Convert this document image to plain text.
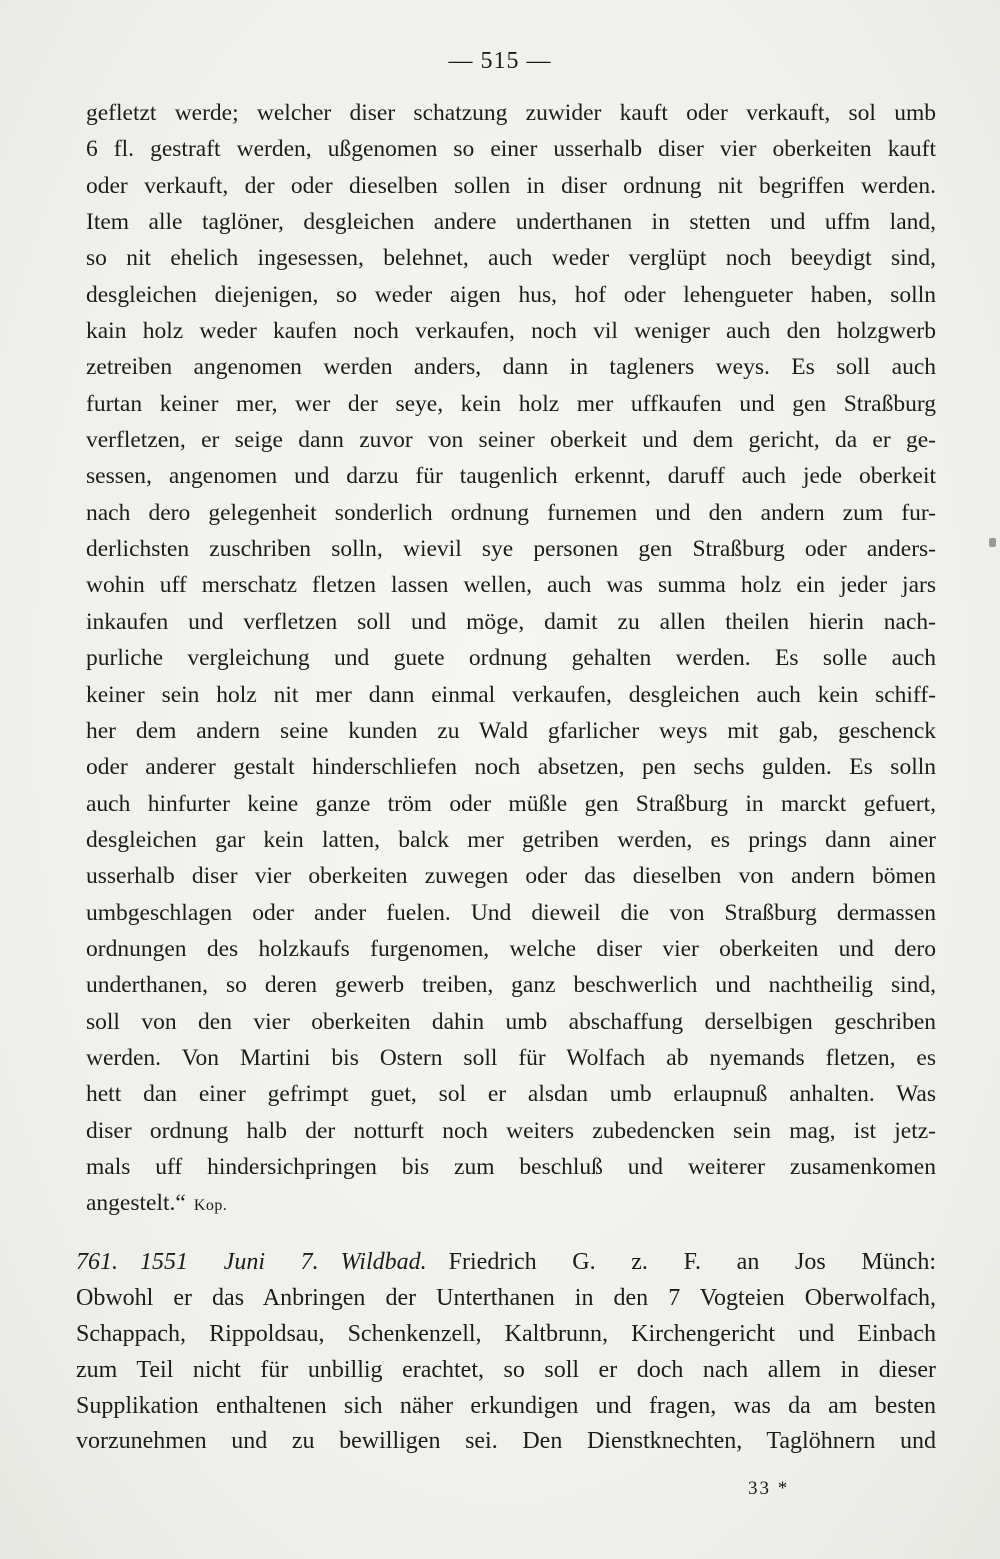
— 515 —
gefletzt werde; welcher diser schatzung zuwider kauft oder verkauft, sol umb
6 fl. gestraft werden, ußgenomen so einer usserhalb diser vier oberkeiten kauft
oder verkauft, der oder dieselben sollen in diser ordnung nit begriffen werden.
Item alle taglöner, desgleichen andere underthanen in stetten und uffm land,
so nit ehelich ingesessen, belehnet, auch weder verglüpt noch beeydigt sind,
desgleichen diejenigen, so weder aigen hus, hof oder lehengueter haben, solln
kain holz weder kaufen noch verkaufen, noch vil weniger auch den holzgwerb
zetreiben angenomen werden anders, dann in tagleners weys. Es soll auch
furtan keiner mer, wer der seye, kein holz mer uffkaufen und gen Straßburg
verfletzen, er seige dann zuvor von seiner oberkeit und dem gericht, da er ge-
sessen, angenomen und darzu für taugenlich erkennt, daruff auch jede oberkeit
nach dero gelegenheit sonderlich ordnung furnemen und den andern zum fur-
derlichsten zuschriben solln, wievil sye personen gen Straßburg oder anders-
wohin uff merschatz fletzen lassen wellen, auch was summa holz ein jeder jars
inkaufen und verfletzen soll und möge, damit zu allen theilen hierin nach-
purliche vergleichung und guete ordnung gehalten werden. Es solle auch
keiner sein holz nit mer dann einmal verkaufen, desgleichen auch kein schiff-
her dem andern seine kunden zu Wald gfarlicher weys mit gab, geschenck
oder anderer gestalt hinderschliefen noch absetzen, pen sechs gulden. Es solln
auch hinfurter keine ganze tröm oder müßle gen Straßburg in marckt gefuert,
desgleichen gar kein latten, balck mer getriben werden, es prings dann ainer
usserhalb diser vier oberkeiten zuwegen oder das dieselben von andern bömen
umbgeschlagen oder ander fuelen. Und dieweil die von Straßburg dermassen
ordnungen des holzkaufs furgenomen, welche diser vier oberkeiten und dero
underthanen, so deren gewerb treiben, ganz beschwerlich und nachtheilig sind,
soll von den vier oberkeiten dahin umb abschaffung derselbigen geschriben
werden. Von Martini bis Ostern soll für Wolfach ab nyemands fletzen, es
hett dan einer gefrimpt guet, sol er alsdan umb erlaupnuß anhalten. Was
diser ordnung halb der notturft noch weiters zubedencken sein mag, ist jetz-
mals uff hindersichpringen bis zum beschluß und weiterer zusamenkomen
angestelt.“ Kop.
761. 1551 Juni 7. Wildbad. Friedrich G. z. F. an Jos Münch:
Obwohl er das Anbringen der Unterthanen in den 7 Vogteien Oberwolfach,
Schappach, Rippoldsau, Schenkenzell, Kaltbrunn, Kirchengericht und Einbach
zum Teil nicht für unbillig erachtet, so soll er doch nach allem in dieser
Supplikation enthaltenen sich näher erkundigen und fragen, was da am besten
vorzunehmen und zu bewilligen sei. Den Dienstknechten, Taglöhnern und
33 *
